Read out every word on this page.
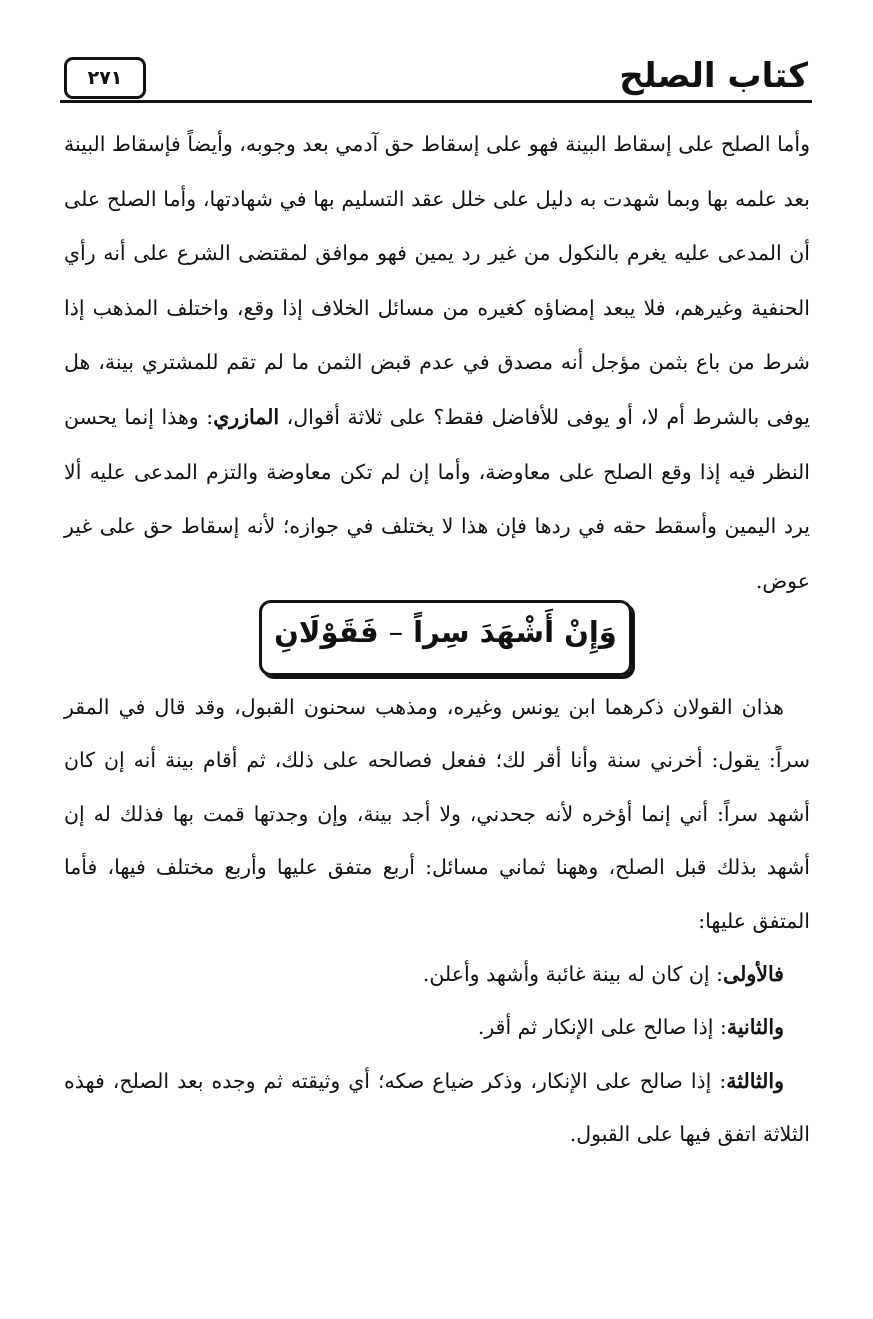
٢٧١	كتاب الصلح

وأما الصلح على إسقاط البينة فهو على إسقاط حق آدمي بعد وجوبه، وأيضاً فإسقاط البينة بعد علمه بها وبما شهدت به دليل على خلل عقد التسليم بها في شهادتها، وأما الصلح على أن المدعى عليه يغرم بالنكول من غير رد يمين فهو موافق لمقتضى الشرع على أنه رأي الحنفية وغيرهم، فلا يبعد إمضاؤه كغيره من مسائل الخلاف إذا وقع، واختلف المذهب إذا شرط من باع بثمن مؤجل أنه مصدق في عدم قبض الثمن ما لم تقم للمشتري بينة، هل يوفى بالشرط أم لا، أو يوفى للأفاضل فقط؟ على ثلاثة أقوال، المازري: وهذا إنما يحسن النظر فيه إذا وقع الصلح على معاوضة، وأما إن لم تكن معاوضة والتزم المدعى عليه ألا يرد اليمين وأسقط حقه في ردها فإن هذا لا يختلف في جوازه؛ لأنه إسقاط حق على غير عوض.

وَإِنْ أَشْهَدَ سِراً–فَقَوْلَانِ

هذان القولان ذكرهما ابن يونس وغيره، ومذهب سحنون القبول، وقد قال في المقر سراً: يقول: أخرني سنة وأنا أقر لك؛ ففعل فصالحه على ذلك، ثم أقام بينة أنه إن كان أشهد سراً: أني إنما أؤخره لأنه جحدني، ولا أجد بينة، وإن وجدتها قمت بها فذلك له إن أشهد بذلك قبل الصلح، وههنا ثماني مسائل: أربع متفق عليها وأربع مختلف فيها، فأما المتفق عليها:

فالأولى: إن كان له بينة غائبة وأشهد وأعلن.

والثانية: إذا صالح على الإنكار ثم أقر.

والثالثة: إذا صالح على الإنكار، وذكر ضياع صكه؛ أي وثيقته ثم وجده بعد الصلح، فهذه الثلاثة اتفق فيها على القبول.
